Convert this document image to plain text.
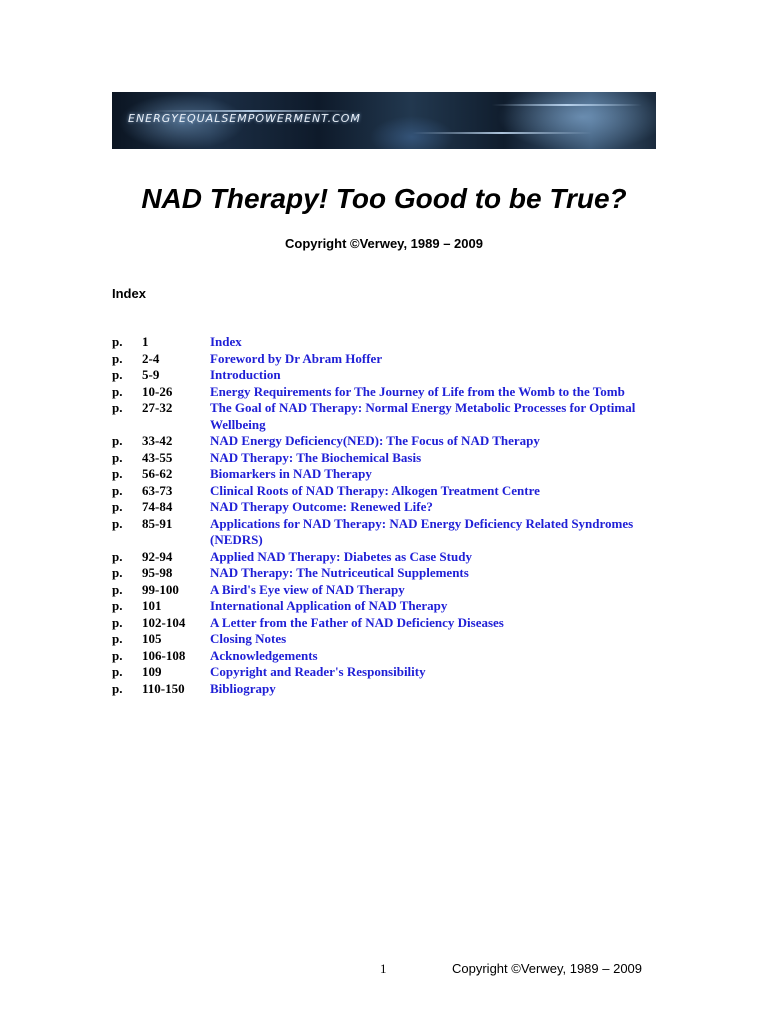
ENERGYEQUALSEMPOWERMENT.COM
NAD Therapy! Too Good to be True?
Copyright ©Verwey, 1989 – 2009
Index
p.	1	Index
p.	2-4	Foreword by Dr Abram Hoffer
p.	5-9	Introduction
p.	10-26	Energy Requirements for The Journey of Life from the Womb to the Tomb
p.	27-32	The Goal of NAD Therapy: Normal Energy Metabolic Processes for Optimal Wellbeing
p.	33-42	NAD Energy Deficiency(NED): The Focus of NAD Therapy
p.	43-55	NAD Therapy: The Biochemical Basis
p.	56-62	Biomarkers in NAD Therapy
p.	63-73	Clinical Roots of NAD Therapy: Alkogen Treatment Centre
p.	74-84	NAD Therapy Outcome: Renewed Life?
p.	85-91	Applications for NAD Therapy: NAD Energy Deficiency Related Syndromes (NEDRS)
p.	92-94	Applied NAD Therapy: Diabetes as Case Study
p.	95-98	NAD Therapy: The Nutriceutical Supplements
p.	99-100	A Bird's Eye view of NAD Therapy
p.	101	International Application of NAD Therapy
p.	102-104	A Letter from the Father of NAD Deficiency Diseases
p.	105	Closing Notes
p.	106-108	Acknowledgements
p.	109	Copyright and Reader's Responsibility
p.	110-150	Bibliograpy
1	Copyright ©Verwey, 1989 – 2009
